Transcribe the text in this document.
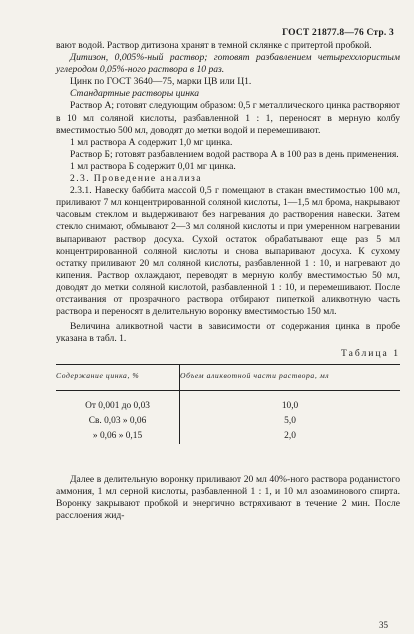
ГОСТ 21877.8—76 Стр. 3

вают водой. Раствор дитизона хранят в темной склянке с притертой пробкой.

Дитизон, 0,005%-ный раствор; готовят разбавлением четыреххлористым углеродом 0,05%-ного раствора в 10 раз.

Цинк по ГОСТ 3640—75, марки ЦВ или Ц1.

Стандартные растворы цинка

Раствор А; готовят следующим образом: 0,5 г металлического цинка растворяют в 10 мл соляной кислоты, разбавленной 1 : 1, переносят в мерную колбу вместимостью 500 мл, доводят до метки водой и перемешивают.

1 мл раствора А содержит 1,0 мг цинка.

Раствор Б; готовят разбавлением водой раствора А в 100 раз в день применения.

1 мл раствора Б содержит 0,01 мг цинка.

2.3. Проведение анализа

2.3.1. Навеску баббита массой 0,5 г помещают в стакан вместимостью 100 мл, приливают 7 мл концентрированной соляной кислоты, 1—1,5 мл брома, накрывают часовым стеклом и выдерживают без нагревания до растворения навески. Затем стекло снимают, обмывают 2—3 мл соляной кислоты и при умеренном нагревании выпаривают раствор досуха. Сухой остаток обрабатывают еще раз 5 мл концентрированной соляной кислоты и снова выпаривают досуха. К сухому остатку приливают 20 мл соляной кислоты, разбавленной 1 : 10, и нагревают до кипения. Раствор охлаждают, переводят в мерную колбу вместимостью 50 мл, доводят до метки соляной кислотой, разбавленной 1 : 10, и перемешивают. После отстаивания от прозрачного раствора отбирают пипеткой аликвотную часть раствора и переносят в делительную воронку вместимостью 150 мл.

Величина аликвотной части в зависимости от содержания цинка в пробе указана в табл. 1.

Таблица 1
Содержание цинка, %	Объем аликвотной части раствора, мл
От 0,001 до 0,03	10,0
Св. 0,03 » 0,06	5,0
» 0,06 » 0,15	2,0

Далее в делительную воронку приливают 20 мл 40%-ного раствора роданистого аммония, 1 мл серной кислоты, разбавленной 1 : 1, и 10 мл азоаминового спирта. Воронку закрывают пробкой и энергично встряхивают в течение 2 мин. После расслоения жид-

35
